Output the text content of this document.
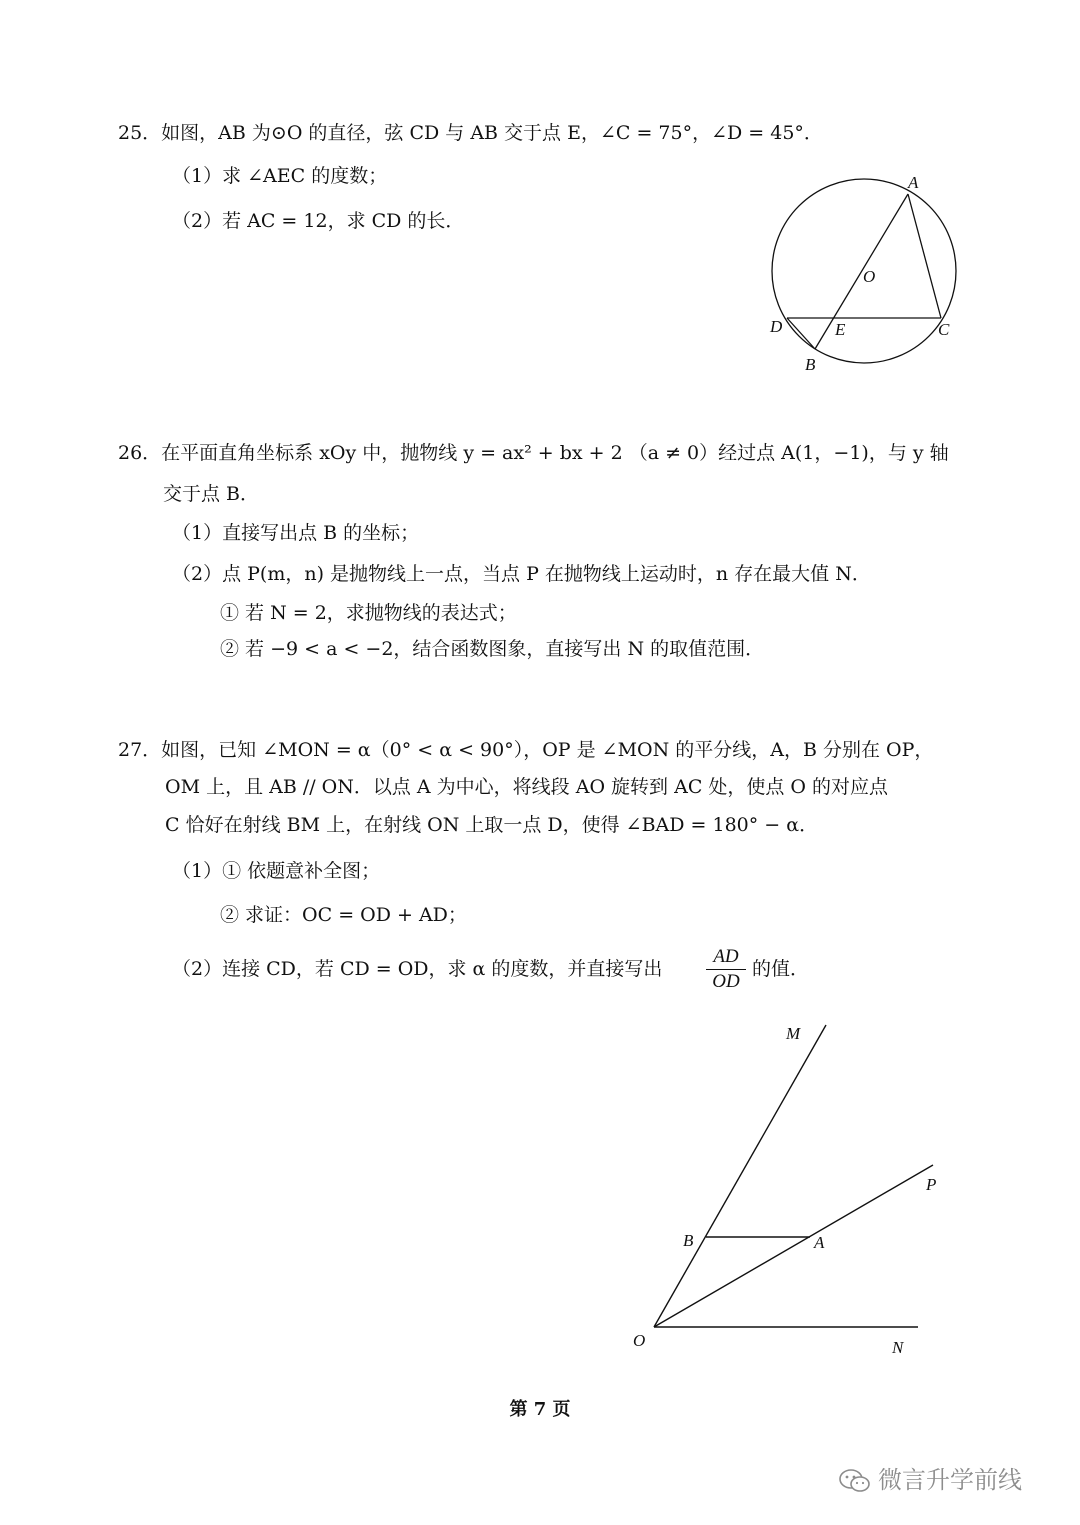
25．如图，AB 为⊙O 的直径，弦 CD 与 AB 交于点 E，∠C = 75°，∠D = 45°．
（1）求 ∠AEC 的度数；
（2）若 AC = 12，求 CD 的长．
A
O
D	E	C
B
26．在平面直角坐标系 xOy 中，抛物线 y = ax² + bx + 2 （a ≠ 0）经过点 A(1，−1)，与 y 轴
交于点 B．
（1）直接写出点 B 的坐标；
（2）点 P(m，n) 是抛物线上一点，当点 P 在抛物线上运动时，n 存在最大值 N．
① 若 N = 2，求抛物线的表达式；
② 若 −9 < a < −2，结合函数图象，直接写出 N 的取值范围．
27．如图，已知 ∠MON = α（0° < α < 90°），OP 是 ∠MON 的平分线，A，B 分别在 OP，
OM 上，且 AB // ON．以点 A 为中心，将线段 AO 旋转到 AC 处，使点 O 的对应点
C 恰好在射线 BM 上，在射线 ON 上取一点 D，使得 ∠BAD = 180° − α．
（1）① 依题意补全图；
② 求证：OC = OD + AD；
（2）连接 CD，若 CD = OD，求 α 的度数，并直接写出 $\frac{AD}{OD}$ 的值．
M
P
B	A
O	N
第 7 页
微言升学前线
